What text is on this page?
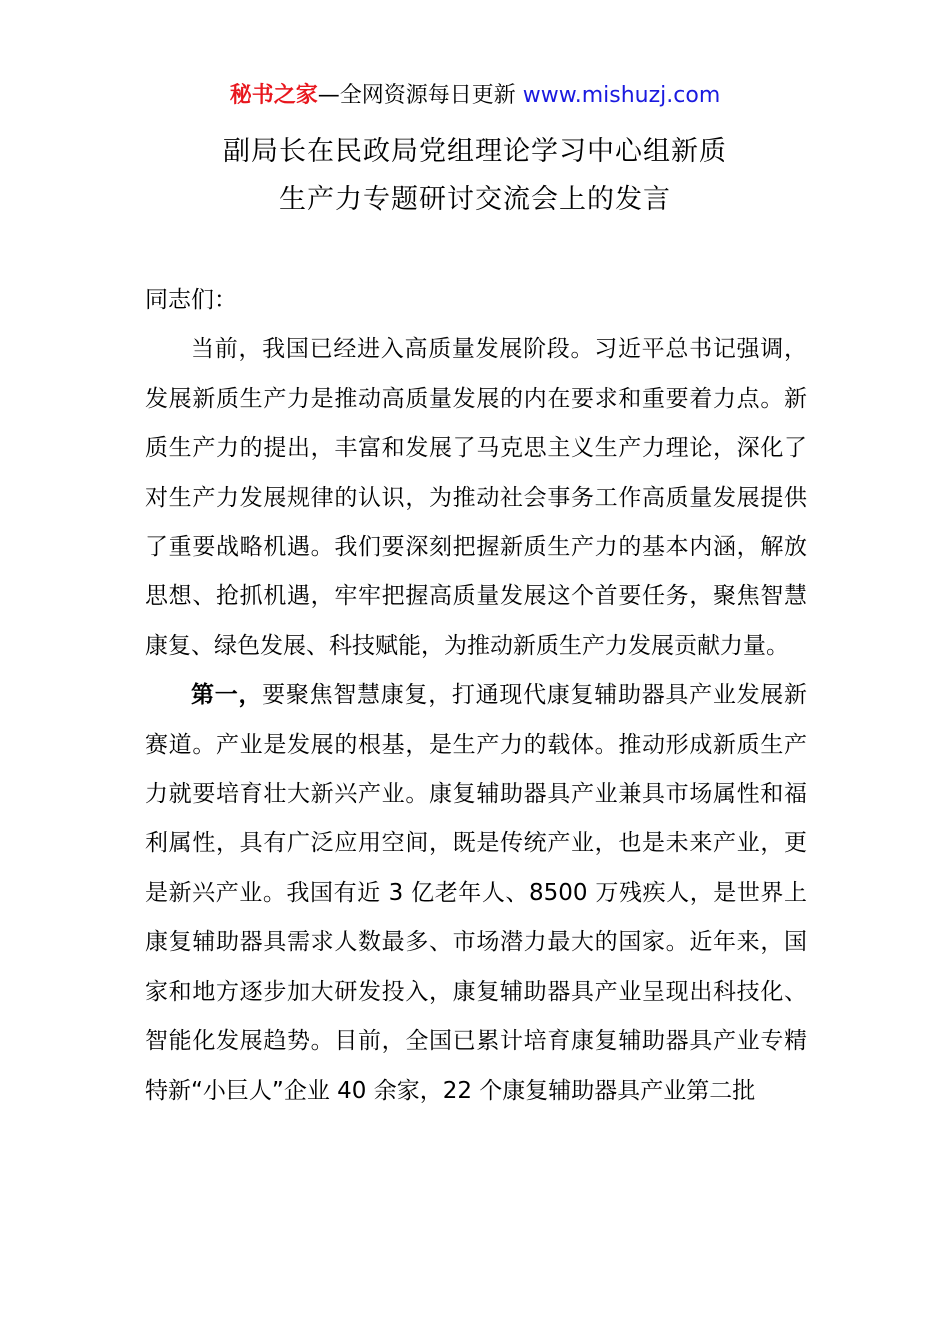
秘书之家—全网资源每日更新 www.mishuzj.com
副局长在民政局党组理论学习中心组新质
生产力专题研讨交流会上的发言

同志们：

当前，我国已经进入高质量发展阶段。习近平总书记强调，发展新质生产力是推动高质量发展的内在要求和重要着力点。新质生产力的提出，丰富和发展了马克思主义生产力理论，深化了对生产力发展规律的认识，为推动社会事务工作高质量发展提供了重要战略机遇。我们要深刻把握新质生产力的基本内涵，解放思想、抢抓机遇，牢牢把握高质量发展这个首要任务，聚焦智慧康复、绿色发展、科技赋能，为推动新质生产力发展贡献力量。

第一，要聚焦智慧康复，打通现代康复辅助器具产业发展新赛道。产业是发展的根基，是生产力的载体。推动形成新质生产力就要培育壮大新兴产业。康复辅助器具产业兼具市场属性和福利属性，具有广泛应用空间，既是传统产业，也是未来产业，更是新兴产业。我国有近 3 亿老年人、8500 万残疾人，是世界上康复辅助器具需求人数最多、市场潜力最大的国家。近年来，国家和地方逐步加大研发投入，康复辅助器具产业呈现出科技化、智能化发展趋势。目前，全国已累计培育康复辅助器具产业专精特新“小巨人”企业 40 余家，22 个康复辅助器具产业第二批
